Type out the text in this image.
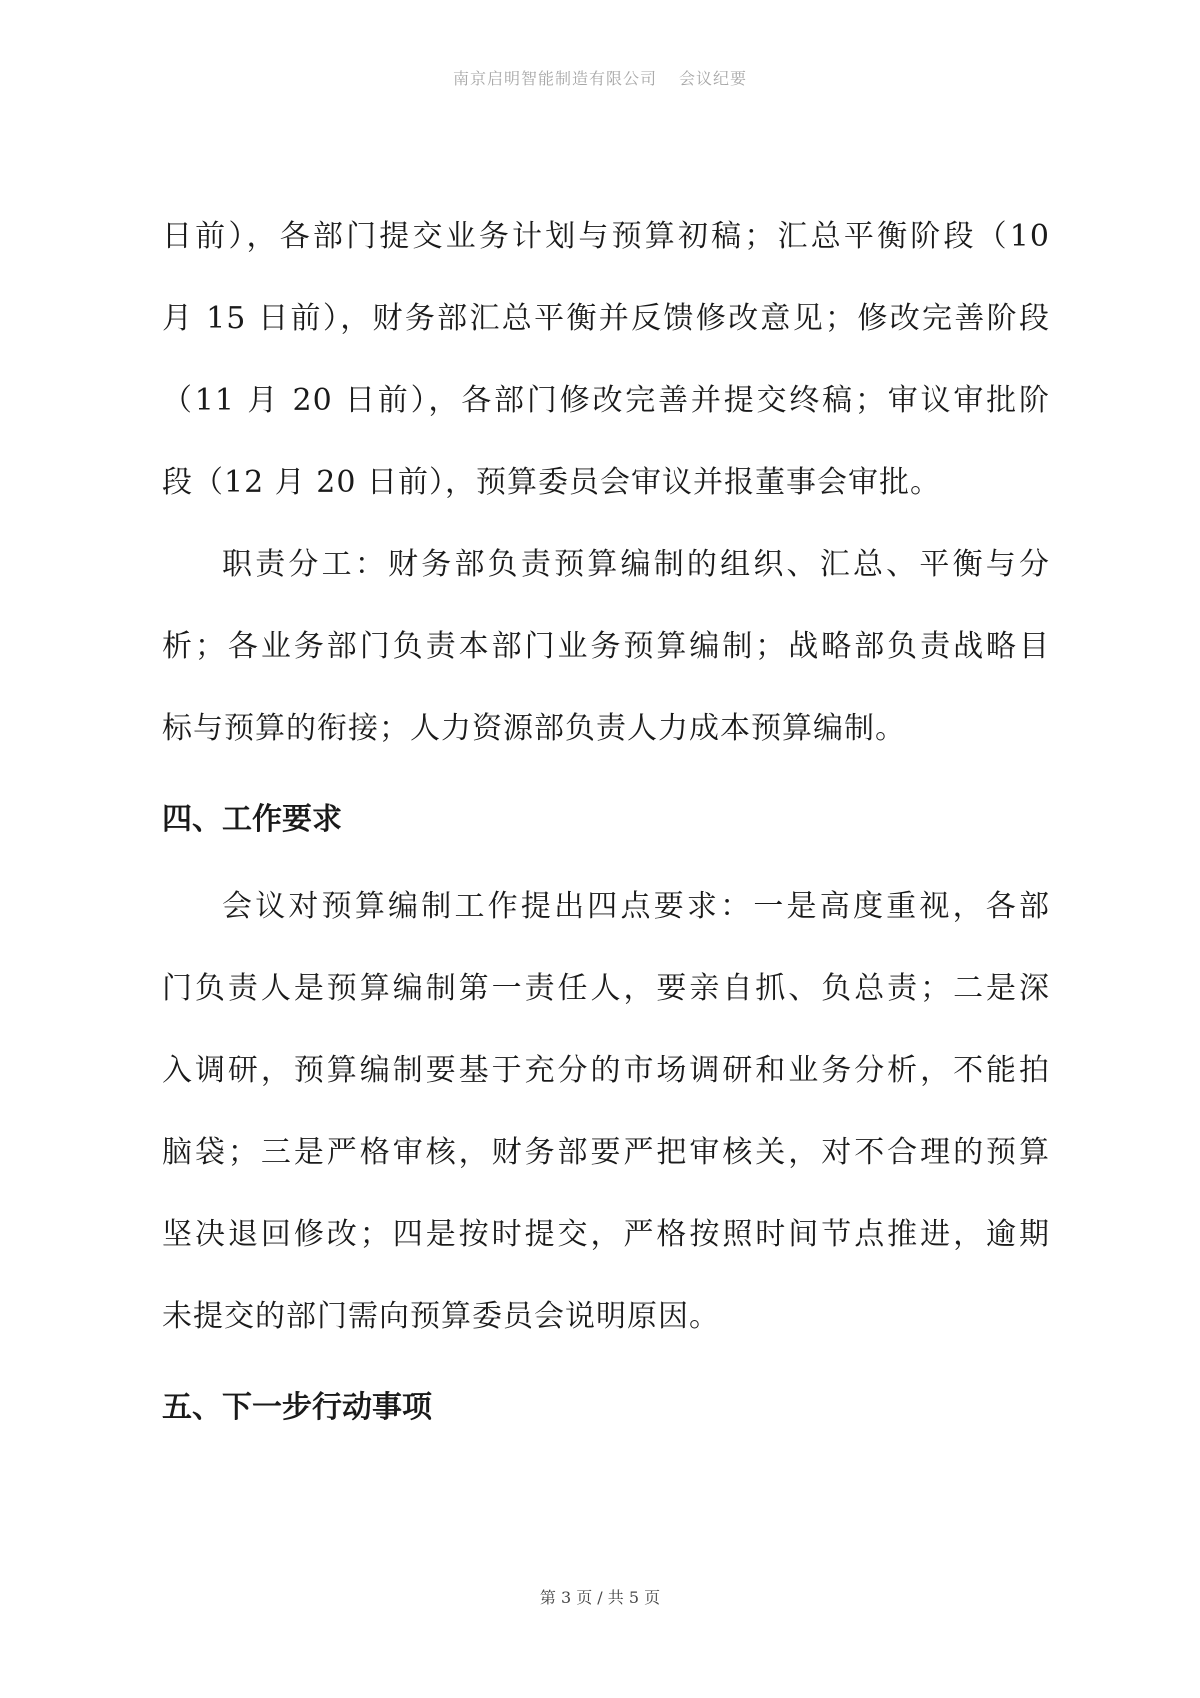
南京启明智能制造有限公司 会议纪要
日前），各部门提交业务计划与预算初稿；汇总平衡阶段（10
月 15 日前），财务部汇总平衡并反馈修改意见；修改完善阶段
（11 月 20 日前），各部门修改完善并提交终稿；审议审批阶
段（12 月 20 日前），预算委员会审议并报董事会审批。
职责分工：财务部负责预算编制的组织、汇总、平衡与分
析；各业务部门负责本部门业务预算编制；战略部负责战略目
标与预算的衔接；人力资源部负责人力成本预算编制。
四、工作要求
会议对预算编制工作提出四点要求：一是高度重视，各部
门负责人是预算编制第一责任人，要亲自抓、负总责；二是深
入调研，预算编制要基于充分的市场调研和业务分析，不能拍
脑袋；三是严格审核，财务部要严把审核关，对不合理的预算
坚决退回修改；四是按时提交，严格按照时间节点推进，逾期
未提交的部门需向预算委员会说明原因。
五、下一步行动事项
第 3 页 / 共 5 页
